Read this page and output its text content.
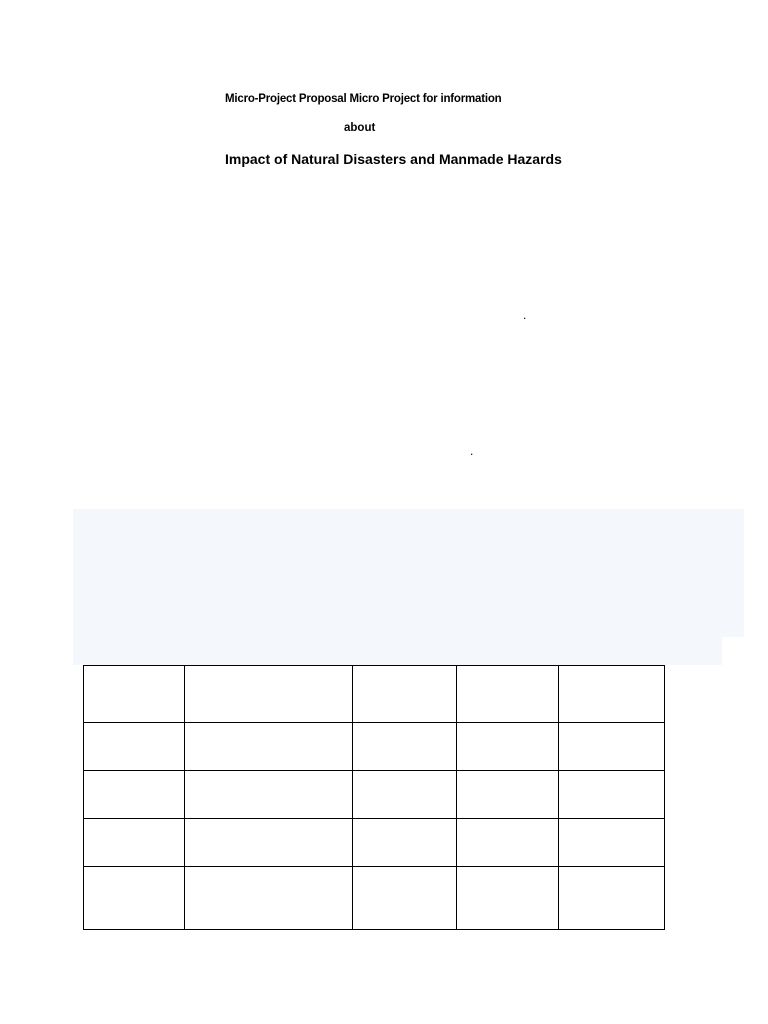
Micro-Project Proposal Micro Project for information
about
Impact of Natural Disasters and Manmade Hazards
.
.
